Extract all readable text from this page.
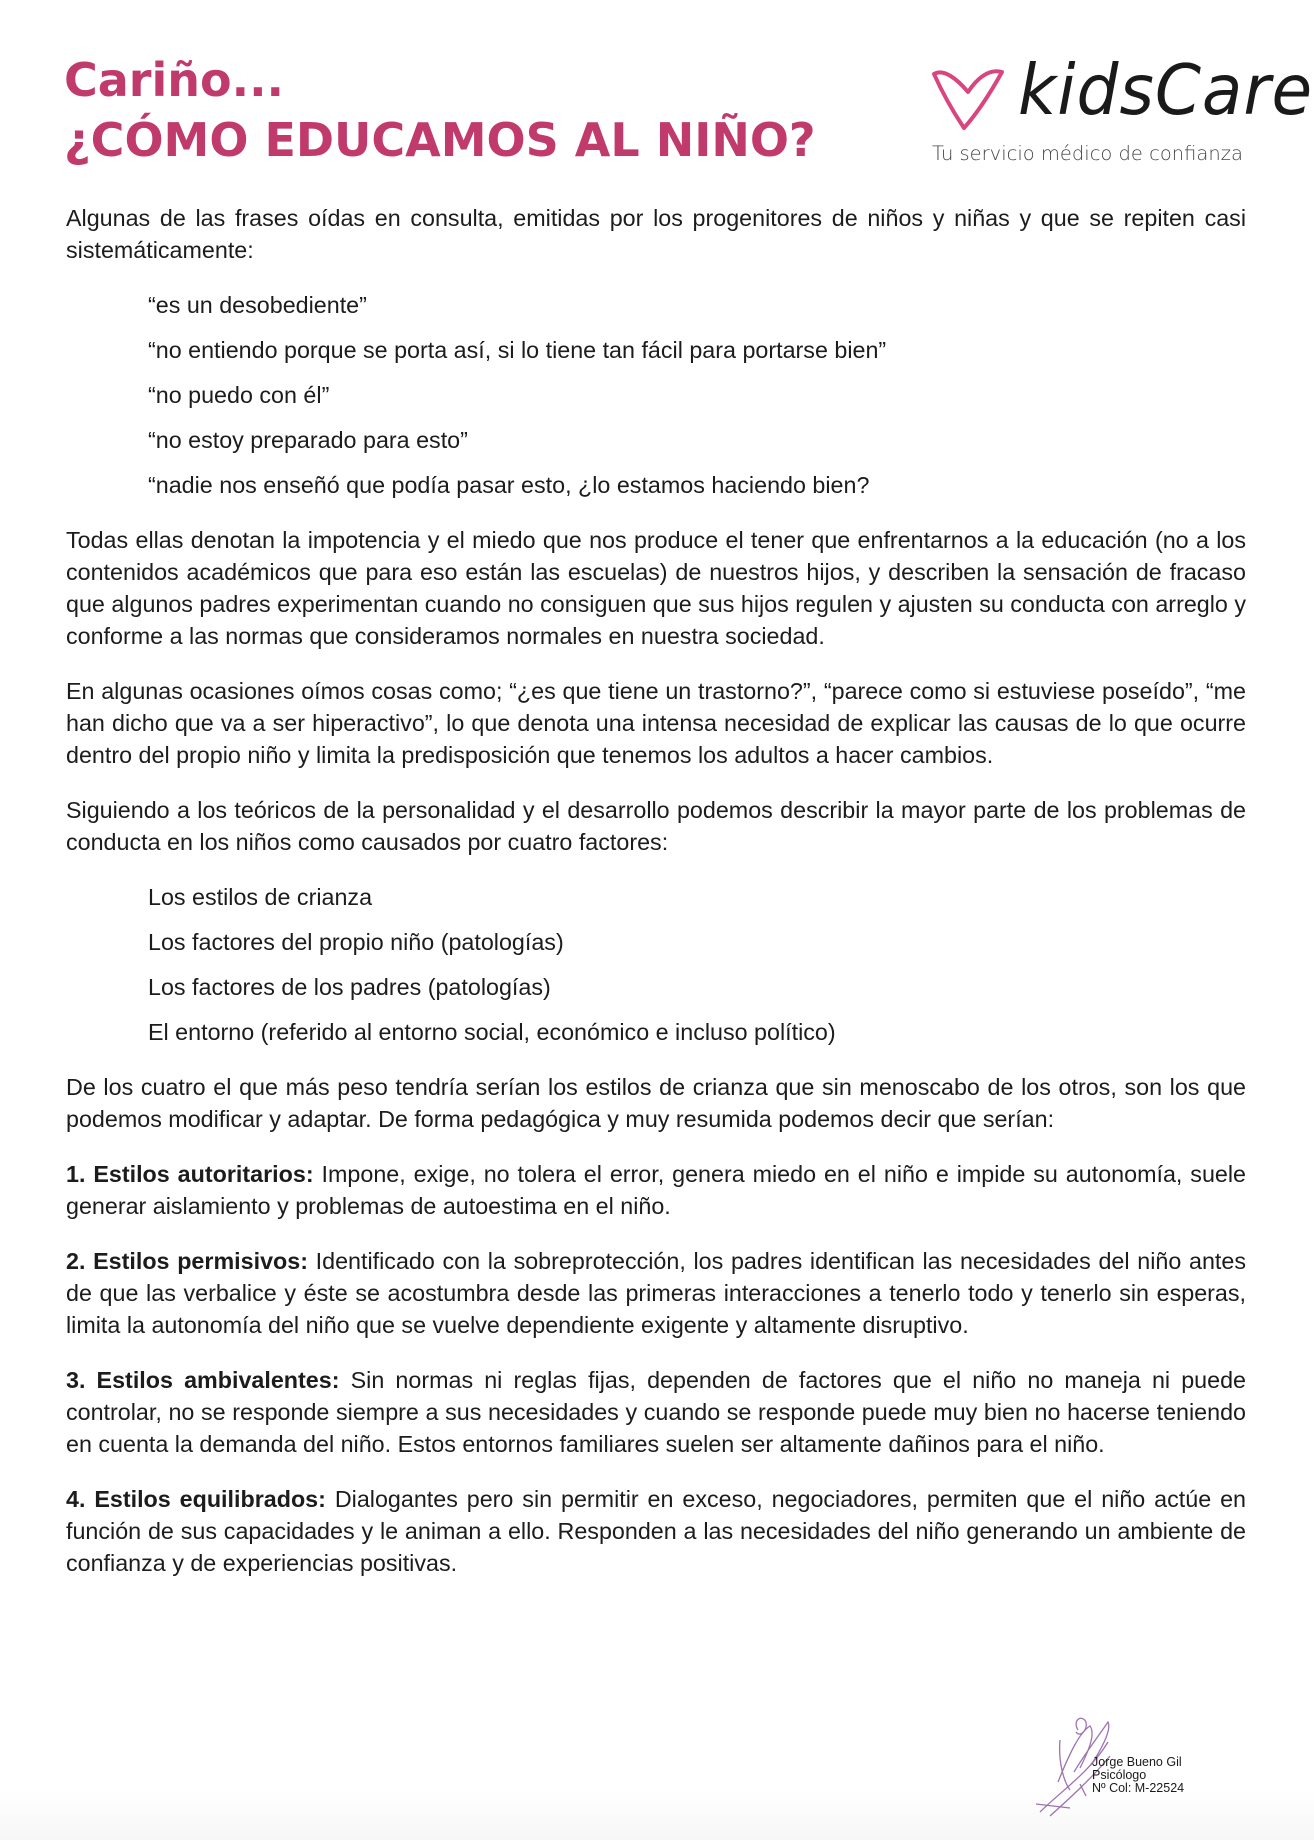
Cariño...
¿CÓMO EDUCAMOS AL NIÑO?
kidsCare
Tu servicio médico de confianza

Algunas de las frases oídas en consulta, emitidas por los progenitores de niños y niñas y que se repiten casi sistemáticamente:

“es un desobediente”
“no entiendo porque se porta así, si lo tiene tan fácil para portarse bien”
“no puedo con él”
“no estoy preparado para esto”
“nadie nos enseñó que podía pasar esto, ¿lo estamos haciendo bien?

Todas ellas denotan la impotencia y el miedo que nos produce el tener que enfrentarnos a la educación (no a los contenidos académicos que para eso están las escuelas) de nuestros hijos, y describen la sensación de fracaso que algunos padres experimentan cuando no consiguen que sus hijos regulen y ajusten su conducta con arreglo y conforme a las normas que consideramos normales en nuestra sociedad.

En algunas ocasiones oímos cosas como; “¿es que tiene un trastorno?”, “parece como si estuviese poseído”, “me han dicho que va a ser hiperactivo”, lo que denota una intensa necesidad de explicar las causas de lo que ocurre dentro del propio niño y limita la predisposición que tenemos los adultos a hacer cambios.

Siguiendo a los teóricos de la personalidad y el desarrollo podemos describir la mayor parte de los problemas de conducta en los niños como causados por cuatro factores:

Los estilos de crianza
Los factores del propio niño (patologías)
Los factores de los padres (patologías)
El entorno (referido al entorno social, económico e incluso político)

De los cuatro el que más peso tendría serían los estilos de crianza que sin menoscabo de los otros, son los que podemos modificar y adaptar. De forma pedagógica y muy resumida podemos decir que serían:

1. Estilos autoritarios: Impone, exige, no tolera el error, genera miedo en el niño e impide su autonomía, suele generar aislamiento y problemas de autoestima en el niño.

2. Estilos permisivos: Identificado con la sobreprotección, los padres identifican las necesidades del niño antes de que las verbalice y éste se acostumbra desde las primeras interacciones a tenerlo todo y tenerlo sin esperas, limita la autonomía del niño que se vuelve dependiente exigente y altamente disruptivo.

3. Estilos ambivalentes: Sin normas ni reglas fijas, dependen de factores que el niño no maneja ni puede controlar, no se responde siempre a sus necesidades y cuando se responde puede muy bien no hacerse teniendo en cuenta la demanda del niño. Estos entornos familiares suelen ser altamente dañinos para el niño.

4. Estilos equilibrados: Dialogantes pero sin permitir en exceso, negociadores, permiten que el niño actúe en función de sus capacidades y le animan a ello. Responden a las necesidades del niño generando un ambiente de confianza y de experiencias positivas.

Jorge Bueno Gil
Psicólogo
Nº Col: M-22524
